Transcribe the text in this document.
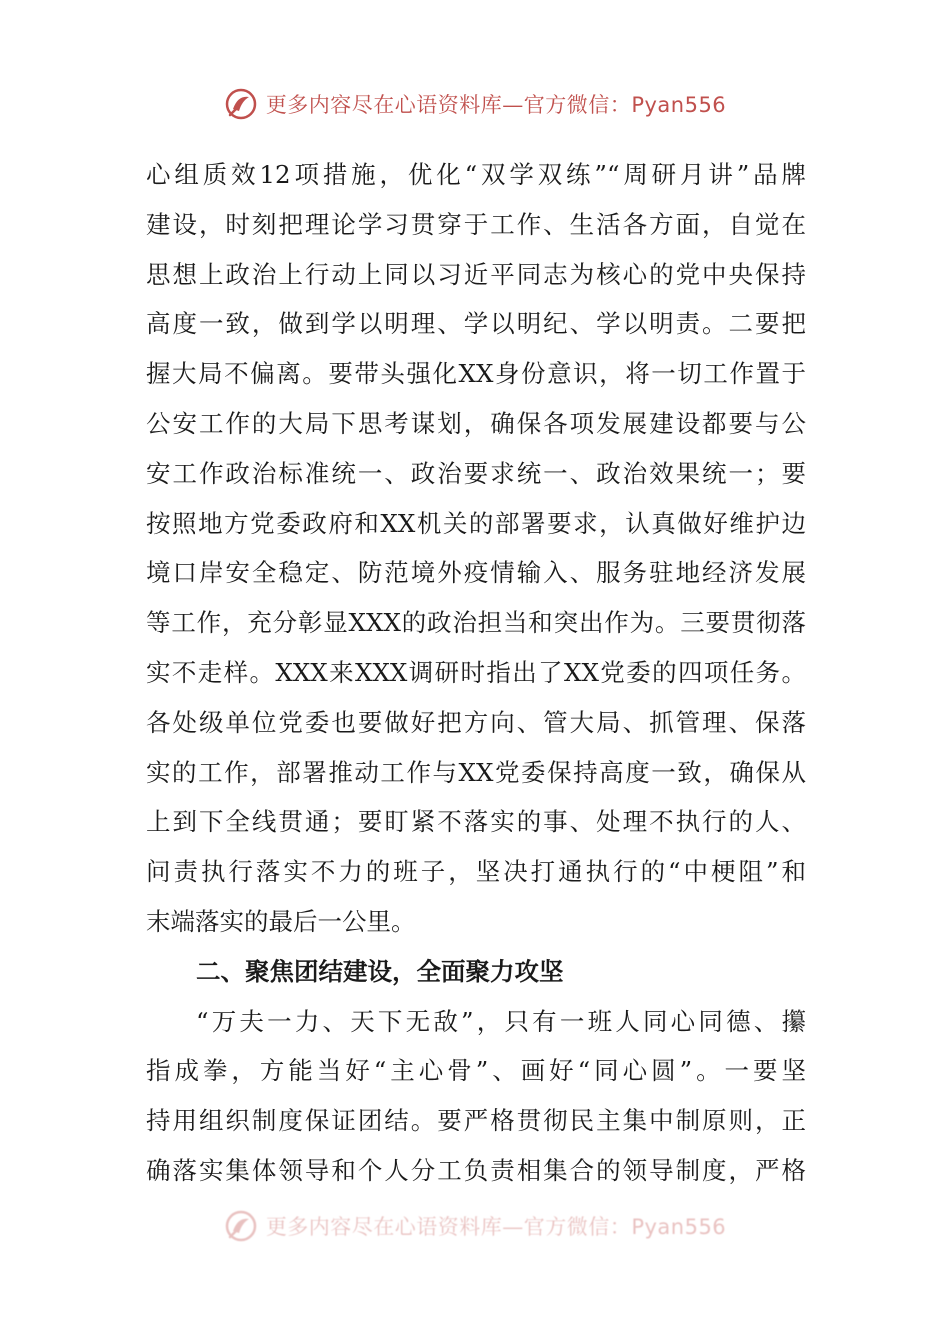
更多内容尽在心语资料库—官方微信：Pyan556
心组质效12项措施，优化“双学双练”“周研月讲”品牌
建设，时刻把理论学习贯穿于工作、生活各方面，自觉在
思想上政治上行动上同以习近平同志为核心的党中央保持
高度一致，做到学以明理、学以明纪、学以明责。二要把
握大局不偏离。要带头强化XX身份意识，将一切工作置于
公安工作的大局下思考谋划，确保各项发展建设都要与公
安工作政治标准统一、政治要求统一、政治效果统一；要
按照地方党委政府和XX机关的部署要求，认真做好维护边
境口岸安全稳定、防范境外疫情输入、服务驻地经济发展
等工作，充分彰显XXX的政治担当和突出作为。三要贯彻落
实不走样。XXX来XXX调研时指出了XX党委的四项任务。
各处级单位党委也要做好把方向、管大局、抓管理、保落
实的工作，部署推动工作与XX党委保持高度一致，确保从
上到下全线贯通；要盯紧不落实的事、处理不执行的人、
问责执行落实不力的班子，坚决打通执行的“中梗阻”和
末端落实的最后一公里。
二、聚焦团结建设，全面聚力攻坚
“万夫一力、天下无敌”，只有一班人同心同德、攥
指成拳，方能当好“主心骨”、画好“同心圆”。一要坚
持用组织制度保证团结。要严格贯彻民主集中制原则，正
确落实集体领导和个人分工负责相集合的领导制度，严格
更多内容尽在心语资料库—官方微信：Pyan556
